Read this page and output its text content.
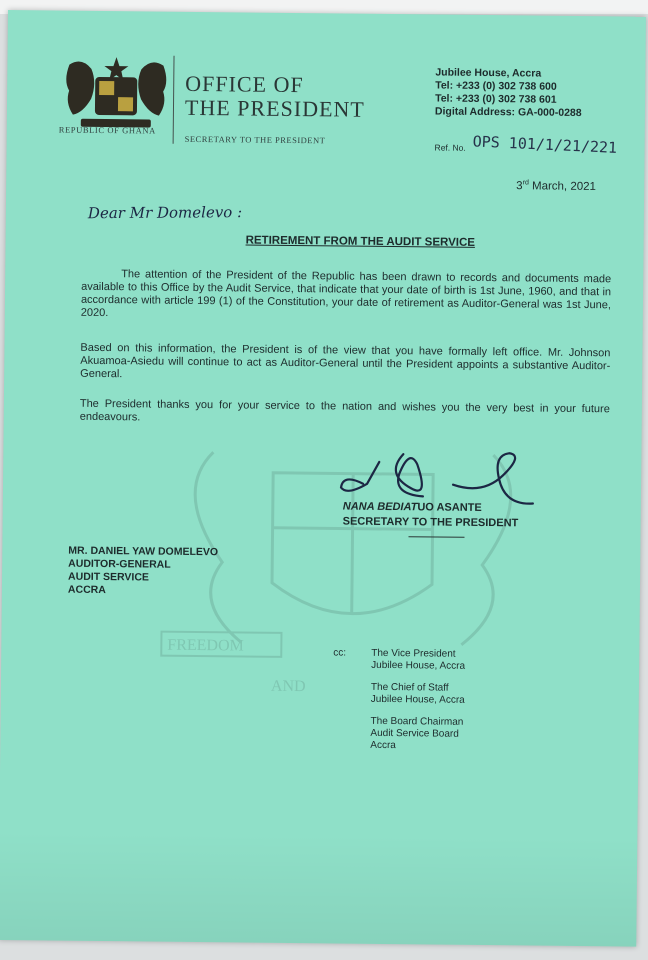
FREEDOM
AND
REPUBLIC OF GHANA
OFFICE OF
THE PRESIDENT
SECRETARY TO THE PRESIDENT
Jubilee House, Accra
Tel: +233 (0) 302 738 600
Tel: +233 (0) 302 738 601
Digital Address: GA-000-0288
Ref. No. OPS 101/1/21/221
3rd March, 2021
Dear Mr Domelevo :
RETIREMENT FROM THE AUDIT SERVICE

The attention of the President of the Republic has been drawn to records and documents made available to this Office by the Audit Service, that indicate that your date of birth is 1st June, 1960, and that in accordance with article 199 (1) of the Constitution, your date of retirement as Auditor-General was 1st June, 2020.

Based on this information, the President is of the view that you have formally left office. Mr. Johnson Akuamoa-Asiedu will continue to act as Auditor-General until the President appoints a substantive Auditor-General.

The President thanks you for your service to the nation and wishes you the very best in your future endeavours.

NANA BEDIATUO ASANTE
SECRETARY TO THE PRESIDENT
MR. DANIEL YAW DOMELEVO
AUDITOR-GENERAL
AUDIT SERVICE
ACCRA
cc:	The Vice President
Jubilee House, Accra
The Chief of Staff
Jubilee House, Accra
The Board Chairman
Audit Service Board
Accra
